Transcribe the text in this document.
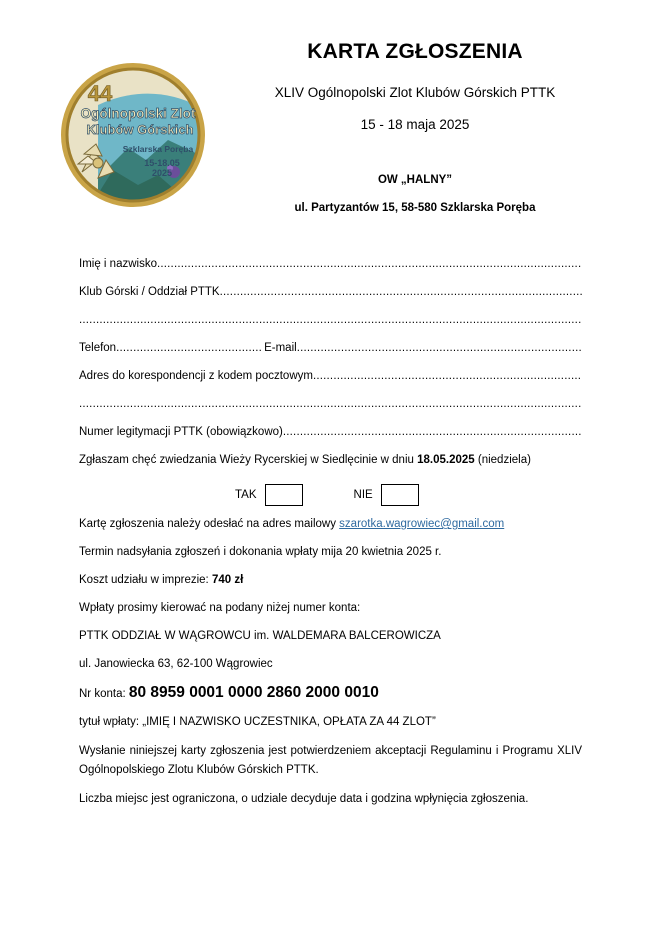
44
Ogólnopolski Zlot
Klubów Górskich
Szklarska Poręba
15-18.05
2025
KARTA ZGŁOSZENIA
XLIV Ogólnopolski Zlot Klubów Górskich PTTK
15 - 18 maja 2025
OW „HALNY”
ul. Partyzantów 15, 58-580 Szklarska Poręba
Imię i nazwisko
.....
Klub Górski / Oddział PTTK
.....
.....
Telefon
.....	E-mail
.....
Adres do korespondencji z kodem pocztowym
.....
.....
Numer legitymacji PTTK (obowiązkowo)
.....
Zgłaszam chęć zwiedzania Wieży Rycerskiej w Siedlęcinie w dniu 18.05.2025 (niedziela)
TAK	NIE
Kartę zgłoszenia należy odesłać na adres mailowy szarotka.wagrowiec@gmail.com
Termin nadsyłania zgłoszeń i dokonania wpłaty mija 20 kwietnia 2025 r.
Koszt udziału w imprezie: 740 zł
Wpłaty prosimy kierować na podany niżej numer konta:
PTTK ODDZIAŁ W WĄGROWCU im. WALDEMARA BALCEROWICZA
ul. Janowiecka 63, 62-100 Wągrowiec
Nr konta: 80 8959 0001 0000 2860 2000 0010
tytuł wpłaty: „IMIĘ I NAZWISKO UCZESTNIKA, OPŁATA ZA 44 ZLOT”
Wysłanie niniejszej karty zgłoszenia jest potwierdzeniem akceptacji Regulaminu i Programu XLIV Ogólnopolskiego Zlotu Klubów Górskich PTTK.
Liczba miejsc jest ograniczona, o udziale decyduje data i godzina wpłynięcia zgłoszenia.
